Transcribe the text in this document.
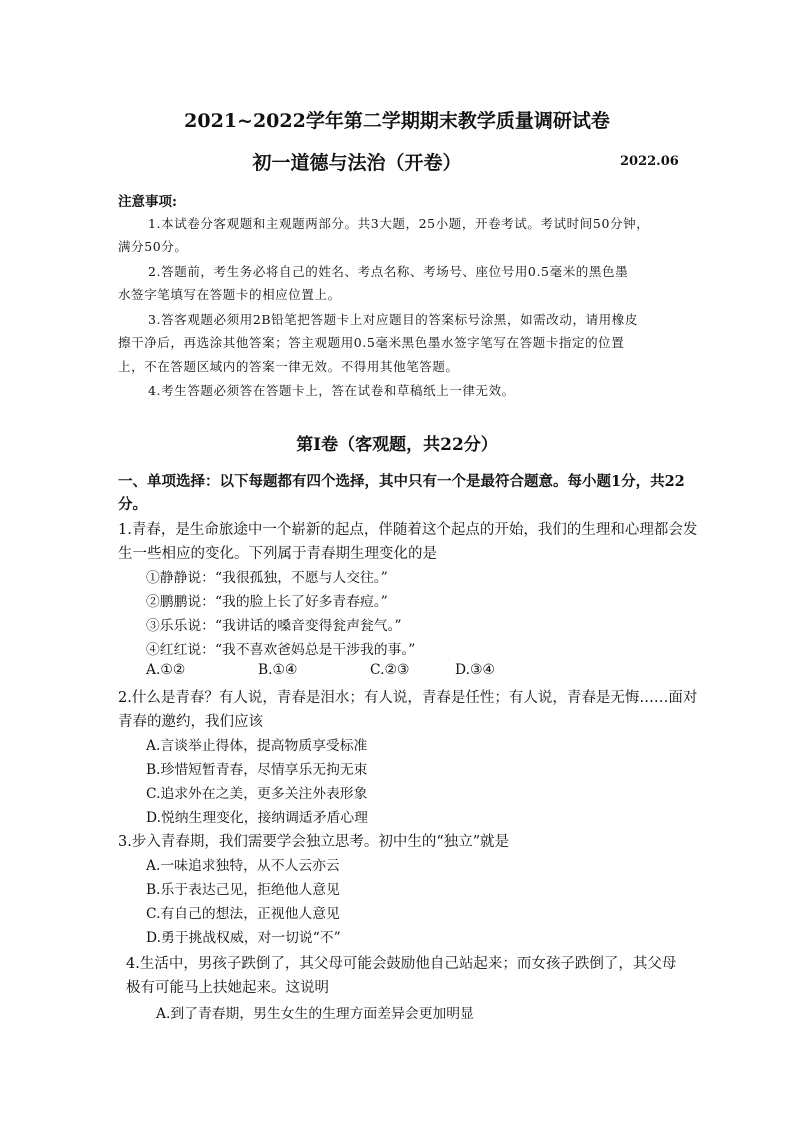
2021~2022学年第二学期期末教学质量调研试卷
初一道德与法治（开卷）	2022.06
注意事项:
1.本试卷分客观题和主观题两部分。共3大题，25小题，开卷考试。考试时间50分钟，
满分50分。
2.答题前，考生务必将自己的姓名、考点名称、考场号、座位号用0.5毫米的黑色墨
水签字笔填写在答题卡的相应位置上。
3.答客观题必须用2B铅笔把答题卡上对应题目的答案标号涂黑，如需改动，请用橡皮
擦干净后，再选涂其他答案；答主观题用0.5毫米黑色墨水签字笔写在答题卡指定的位置
上，不在答题区域内的答案一律无效。不得用其他笔答题。
4.考生答题必须答在答题卡上，答在试卷和草稿纸上一律无效。
第Ⅰ卷（客观题，共22分）
一、单项选择：以下每题都有四个选择，其中只有一个是最符合题意。每小题1分，共22
分。
1.青春，是生命旅途中一个崭新的起点，伴随着这个起点的开始，我们的生理和心理都会发
生一些相应的变化。下列属于青春期生理变化的是
①静静说：“我很孤独，不愿与人交往。”
②鹏鹏说：“我的脸上长了好多青春痘。”
③乐乐说：“我讲话的嗓音变得瓮声瓮气。”
④红红说：“我不喜欢爸妈总是干涉我的事。”
A.①②	B.①④	C.②③	D.③④
2.什么是青春？有人说，青春是泪水；有人说，青春是任性；有人说，青春是无悔……面对
青春的邀约，我们应该
A.言谈举止得体，提高物质享受标准
B.珍惜短暂青春，尽情享乐无拘无束
C.追求外在之美，更多关注外表形象
D.悦纳生理变化，接纳调适矛盾心理
3.步入青春期，我们需要学会独立思考。初中生的“独立”就是
A.一味追求独特，从不人云亦云
B.乐于表达己见，拒绝他人意见
C.有自己的想法，正视他人意见
D.勇于挑战权威，对一切说“不”
4.生活中，男孩子跌倒了，其父母可能会鼓励他自己站起来；而女孩子跌倒了，其父母
极有可能马上扶她起来。这说明
A.到了青春期，男生女生的生理方面差异会更加明显
